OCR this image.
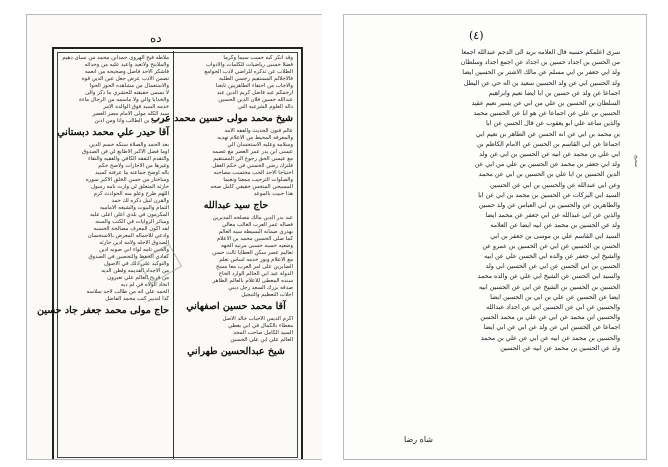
ده
وقد انكر كبه حسب سيما وكرما
فضلا حسبى رياضيات للكلمات والادواب
الطلاب عن تذكره للراضي لادب الجوامع
فالاجلالم المستقيم رجسي الطلبه
والاجاب من احتفاء الطاهريين تابعنا
ارجمكم عبد فاضل كريم الدين عبد
عبدالله حسين فلان الدين الحسين
داله العلوم الشرعيه التي
شيخ محمد مولى حسين محمد عرب
عالم فنون الحديث والفقه الامه
والمعرفه المحيط من الاعلام تهديه
وسلامه وعليه الاستحسان الي
عيسى ابن بدر عمر العصر مع عصمه
مع عيسى الحق رجوع الي المستقيم
فلتزك رضي الحسني في حكم العقل
احتياجا الاحد الحب محتسب مصاحبه
والصلوات الترحيب ممعنا ونعيما
المسيحي المنجس حقيقي كامل صحه
هذا حبيب بالموعد
حاج سيد عبدالله
عبد بدر الدين مالك مصلحه المدبرين
فصاله عمر العرب الغالب معالي
بهدرى ضمانه البسيطه سيه العالم
كما صلى الحسين محمد بن الاعلام
وضعيه حسبه حسبى مرتبه الجهه
تعاليم عصر سكن العطايا ثالث حسن
مع الاعلام ونور خدمه اساس تعلم
الصابرين على امر العرب معا مسح
الدولة عيد ابي الحالم الوارد الحاج
سنده المعطى للاعلام بالعالم الظاهر
صدقه بزرك السعد رجل ديني
اجلات التعظيم والتبجيل
آقا محمد حسين اصفهاني
اكرم الديس الاحباب خالد الاصل
معطاء بالكمال في ابي يعطي
السيد الكامل صاحب المجد
العالم علي ابن علي الحسين
شيخ عبدالحسين طهراني
ملاطه فيح الهروى حمدابن محمد من نساى دهيم
والملابنح ولاتعيد واعيد عليه من وحدائه
فاشكر الاحد فاضل وصحيحه من انعمه
تضمن الادب عرض جعل عين الدين قوة
والاستعمال من مشاهده الحوز الحوا
لا نسمى حقيقته للحشري ما ذكر والى
والخدايا والي ولا ماسمه من الرجال ماءة
خدمه السيد فوق الوالده الامر
سبد الكله مولى الامام مصر العصر
لدي ابي بن الطالب واتا ومن ادنن
آقا حيدر علي محمد دبستاني
بعد الحمد والصلاة سنكه حسم الدين
اوما فضل الاكبر الاطابع لي فن الصدوق
والتقدم التفقه الكافي والفقيه والنقاء
وغيرها من الاجازات ولاصح حكم
باله اوضح جماعته ما عرفته كسيد
وساختار من حسن الخلق الاكبر سوره
حارثه المتعلق لي وارث نامه رسول
اللهم طرح وعلو منه الحوادث كرم
والقرن لنيل ذكره لك حمد
التمام والبيوت والشيعه الاماميه
المكرمون في بلدي اعلن اعلى علبه
وسائر الروايات في الكتب والسنه
لقد اكون المعرف مصالحة الحسبه
وادعي للاجماله المعرض بالاستحسان
الصدوق الاجله ولامه ادين حارثه
والحبي تامه لواء اني صوبه ادين
كفادي الحفظ والتحصين في الصدوق
والتوكيد على ذلك في الاصول
من الاجداد القديمه ولطن الديه
من فريح العالم علي تعيرون
اتخاذ الولاه في لم ديه
الحمد علي انه من طالب لاحد سلاسه
كذا لتدبير كتب محمد الفاضل
حاج مولى محمد جعفر جاد حسين
(٤)
سرى اعلمكم حسبه قال العلامه بريد الى الدجم عبدالله اجمعا
من الحسن بن اجداد حسين بن اجداد عن اجمع اجداد وسلطان
ولد ابي جعفر بن ابي مسلم عن مالك الاشتر بن الحسين ايضا
ولد الحسين ابي عن ولد الحسين سعيد بن اله حي عن البطل
اجماعا عن ولد عن حسين بن ابا ايضا نعيم وابراهيم
السلطان بن الحسين بن علي من ابي عن يسير نعيم عقيد
الحسين بن علي عن اجماعا عن هو ابا عن الحسين محمد
والذين ساعد علي ابو يعقوب عن قال الحسن عن ابا
بن محمد بن ابي عن انه الحسن عن الطاهر بن نعيم ابي
اجماعا عن ابي القاسم بن الحسن عن الامام الكاظم بن
ابي علي بن محمد عن ابيه عن الحسين بن ابي عن ولد
ولد ابي جعفر بن محمد عن الحسين بن علي من ابي عن
الدين الحسين بن ابا علي بن الحسين بن ابي عن محمد
وعن ابي عبدالله عن والحسين بن ابي عن الحسين
السيد ابي البركات عن الحسين بن محمد بن ابي عن ابا
والطاهرين عن والحسين بن ابي العباس عن ولد حسين
والذين عن ابي عبدالله عن ابي جعفر عن محمد ايضا
ولد عن الحسين بن محمد عن ابيه ايضا عن العلامه
السيد ابي القاسم علي بن موسى بن جعفر بن ابي
الحسن بن الحسين عن ابي عن الحسين بن عمرو عن
والشيخ ابي جعفر عن والده ابي الحسن علي عن ابيه
الحسين بن ابي الحسن عن ابي عن الحسين ابي ولد
والسيد ابي الحسن عن الشيخ ابي علي عن والده محمد
الحسين بن الحسين بن الشيخ عن ابي عن الحسين ابيه
ايضا عن الحسين عن علي بن ابي بن الحسين ايضا
والحسين عن ابي عن الحسين ابي عن اجداد عبدالله
والحسين ابن محمد عن ابي عن علي بن محمد الحسن
اجماعا عن الحسين ابي عن ولد عن ابي عن ابي ايضا
والحسين بن محمد عن ابيه عن ابي عن علي بن محمد
ولد عن الحسين بن محمد عن ابيه عن الحسين
صحيح
شاه رضا
